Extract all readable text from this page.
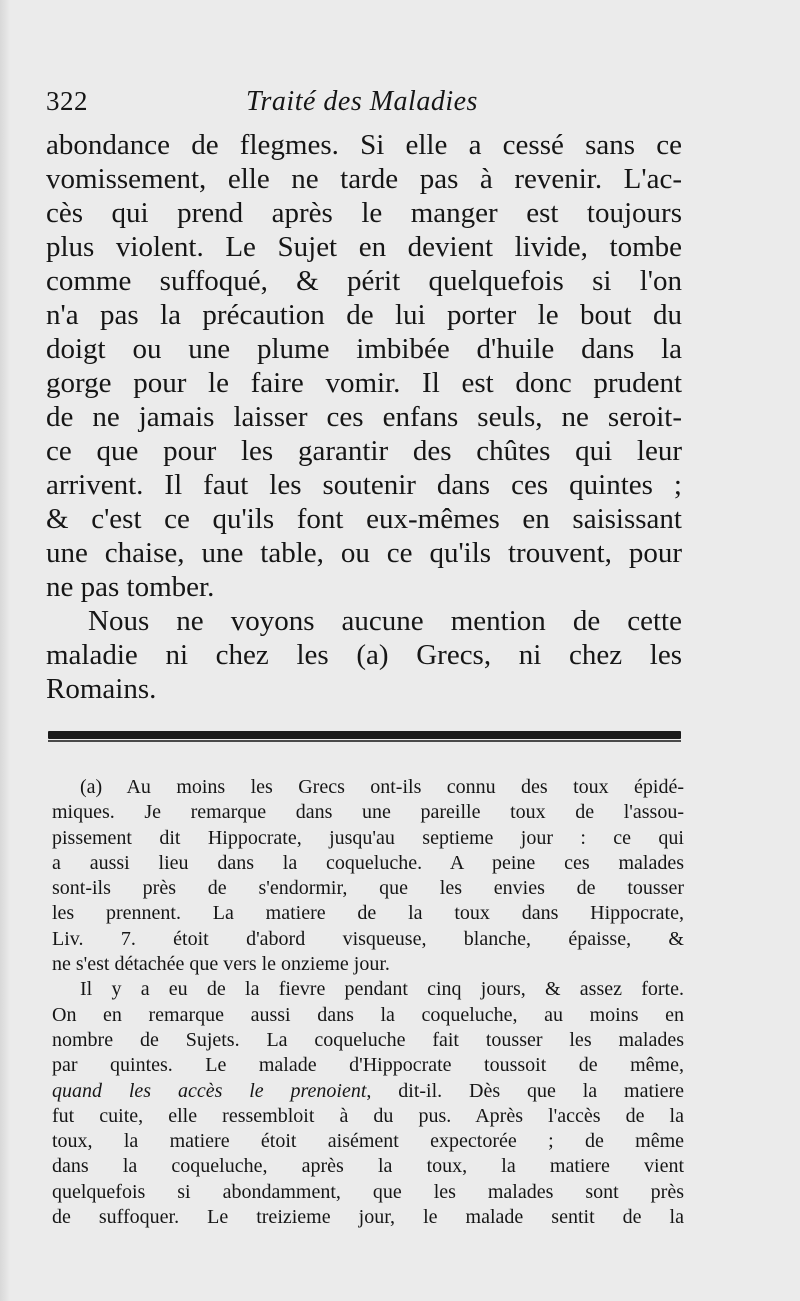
322	Traité des Maladies
abondance de flegmes. Si elle a cessé sans ce
vomissement, elle ne tarde pas à revenir. L'ac-
cès qui prend après le manger est toujours
plus violent. Le Sujet en devient livide, tombe
comme suffoqué, & périt quelquefois si l'on
n'a pas la précaution de lui porter le bout du
doigt ou une plume imbibée d'huile dans la
gorge pour le faire vomir. Il est donc prudent
de ne jamais laisser ces enfans seuls, ne seroit-
ce que pour les garantir des chûtes qui leur
arrivent. Il faut les soutenir dans ces quintes ;
& c'est ce qu'ils font eux-mêmes en saisissant
une chaise, une table, ou ce qu'ils trouvent, pour
ne pas tomber.
Nous ne voyons aucune mention de cette
maladie ni chez les (a) Grecs, ni chez les
Romains.
(a) Au moins les Grecs ont-ils connu des toux épidé-
miques. Je remarque dans une pareille toux de l'assou-
pissement dit Hippocrate, jusqu'au septieme jour : ce qui
a aussi lieu dans la coqueluche. A peine ces malades
sont-ils près de s'endormir, que les envies de tousser
les prennent. La matiere de la toux dans Hippocrate,
Liv. 7. étoit d'abord visqueuse, blanche, épaisse, &
ne s'est détachée que vers le onzieme jour.
Il y a eu de la fievre pendant cinq jours, & assez forte.
On en remarque aussi dans la coqueluche, au moins en
nombre de Sujets. La coqueluche fait tousser les malades
par quintes. Le malade d'Hippocrate toussoit de même,
quand les accès le prenoient, dit-il. Dès que la matiere
fut cuite, elle ressembloit à du pus. Après l'accès de la
toux, la matiere étoit aisément expectorée ; de même
dans la coqueluche, après la toux, la matiere vient
quelquefois si abondamment, que les malades sont près
de suffoquer. Le treizieme jour, le malade sentit de la
